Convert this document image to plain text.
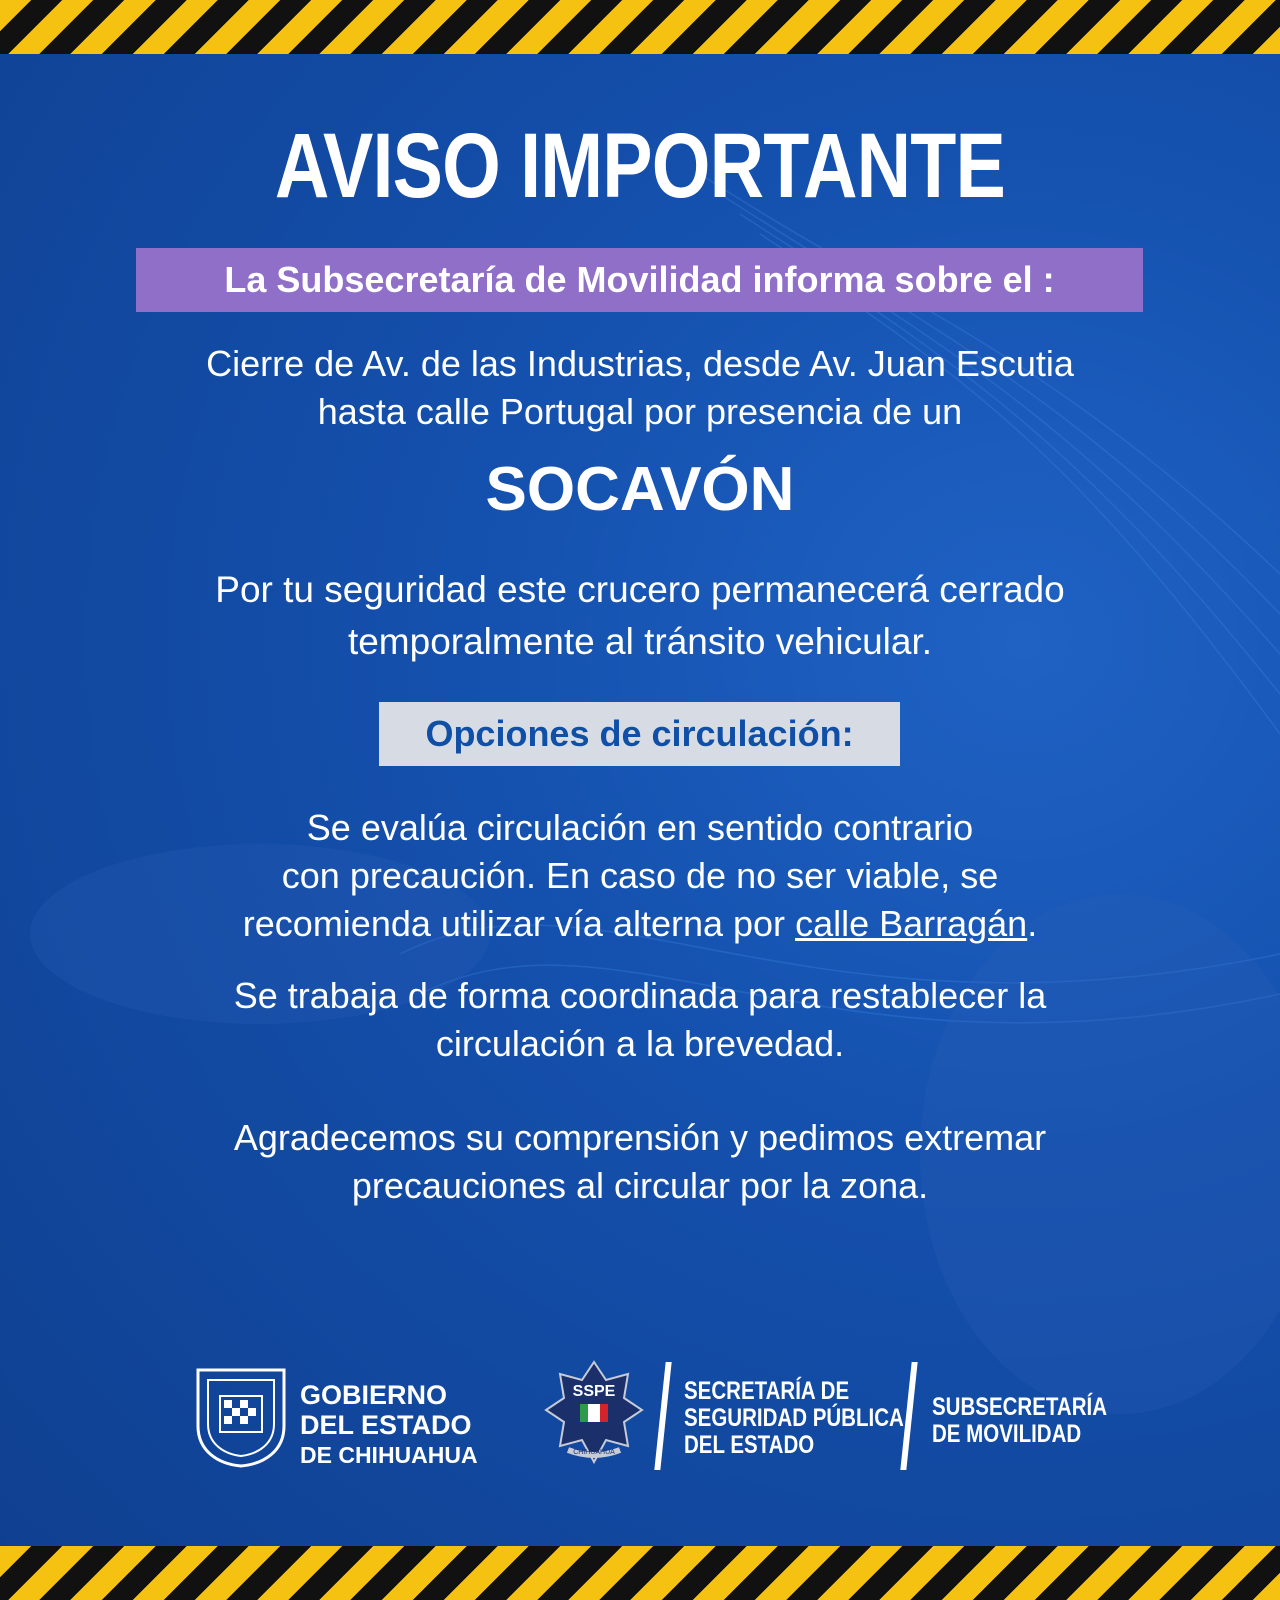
AVISO IMPORTANTE
La Subsecretaría de Movilidad informa sobre el :
Cierre de Av. de las Industrias, desde Av. Juan Escutia
hasta calle Portugal por presencia de un
SOCAVÓN
Por tu seguridad este crucero permanecerá cerrado
temporalmente al tránsito vehicular.
Opciones de circulación:
Se evalúa circulación en sentido contrario
con precaución. En caso de no ser viable, se
recomienda utilizar vía alterna por calle Barragán.
Se trabaja de forma coordinada para restablecer la
circulación a la brevedad.
Agradecemos su comprensión y pedimos extremar
precauciones al circular por la zona.
GOBIERNO
DEL ESTADO
DE CHIHUAHUA
SSPE
CHIHUAHUA
SECRETARÍA DE
SEGURIDAD PÚBLICA
DEL ESTADO
SUBSECRETARÍA
DE MOVILIDAD
